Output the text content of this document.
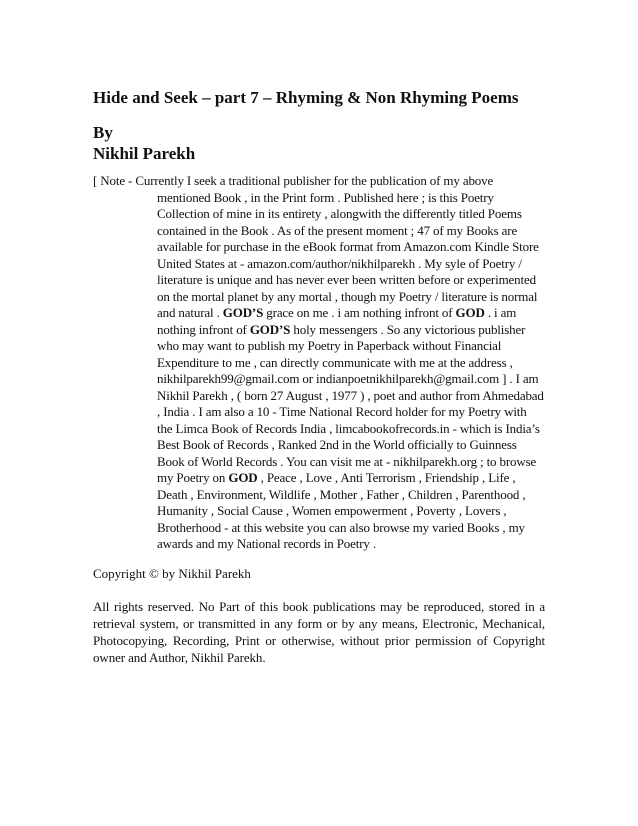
Hide and Seek – part 7 – Rhyming & Non Rhyming Poems
By
Nikhil Parekh

[ Note - Currently I seek a traditional publisher for the publication of my above mentioned Book , in the Print form . Published here ; is this Poetry Collection of mine in its entirety , alongwith the differently titled Poems contained in the Book . As of the present moment ; 47 of my Books are available for purchase in the eBook format from Amazon.com Kindle Store United States at - amazon.com/author/nikhilparekh . My syle of Poetry / literature is unique and has never ever been written before or experimented on the mortal planet by any mortal , though my Poetry / literature is normal and natural . GOD’S grace on me . i am nothing infront of GOD . i am nothing infront of GOD’S holy messengers . So any victorious publisher who may want to publish my Poetry in Paperback without Financial Expenditure to me , can directly communicate with me at the address , nikhilparekh99@gmail.com or indianpoetnikhilparekh@gmail.com ] . I am Nikhil Parekh , ( born 27 August , 1977 ) , poet and author from Ahmedabad , India . I am also a 10 - Time National Record holder for my Poetry with the Limca Book of Records India , limcabookofrecords.in - which is India’s Best Book of Records , Ranked 2nd in the World officially to Guinness Book of World Records . You can visit me at - nikhilparekh.org ; to browse my Poetry on GOD , Peace , Love , Anti Terrorism , Friendship , Life , Death , Environment, Wildlife , Mother , Father , Children , Parenthood , Humanity , Social Cause , Women empowerment , Poverty , Lovers , Brotherhood - at this website you can also browse my varied Books , my awards and my National records in Poetry .

Copyright © by Nikhil Parekh

All rights reserved. No Part of this book publications may be reproduced, stored in a retrieval system, or transmitted in any form or by any means, Electronic, Mechanical, Photocopying, Recording, Print or otherwise, without prior permission of Copyright owner and Author, Nikhil Parekh.
